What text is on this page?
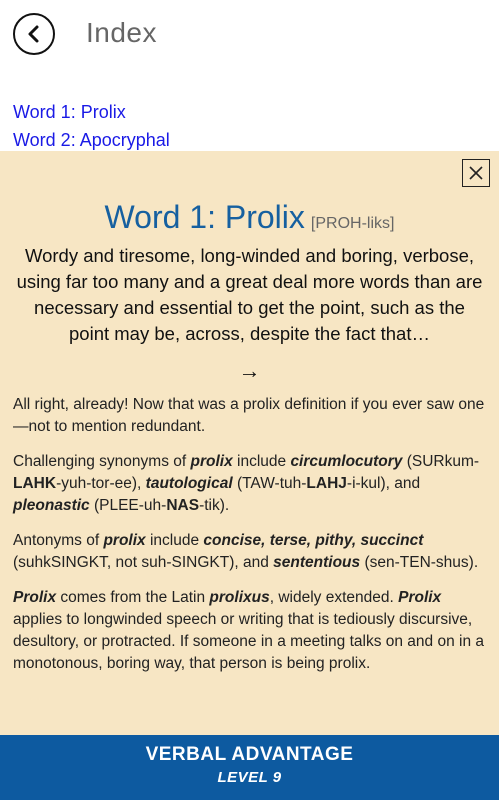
Index
Word 1: Prolix
Word 2: Apocryphal
Word 1: Prolix [PROH-liks]
Wordy and tiresome, long-winded and boring, verbose, using far too many and a great deal more words than are necessary and essential to get the point, such as the point may be, across, despite the fact that…
→

All right, already! Now that was a prolix definition if you ever saw one—not to mention redundant.

Challenging synonyms of prolix include circumlocutory (SURkum-LAHK-yuh-tor-ee), tautological (TAW-tuh-LAHJ-i-kul), and pleonastic (PLEE-uh-NAS-tik).

Antonyms of prolix include concise, terse, pithy, succinct (suhkSINGKT, not suh-SINGKT), and sententious (sen-TEN-shus).

Prolix comes from the Latin prolixus, widely extended. Prolix applies to longwinded speech or writing that is tediously discursive, desultory, or protracted. If someone in a meeting talks on and on in a monotonous, boring way, that person is being prolix.

VERBAL ADVANTAGE
LEVEL 9
